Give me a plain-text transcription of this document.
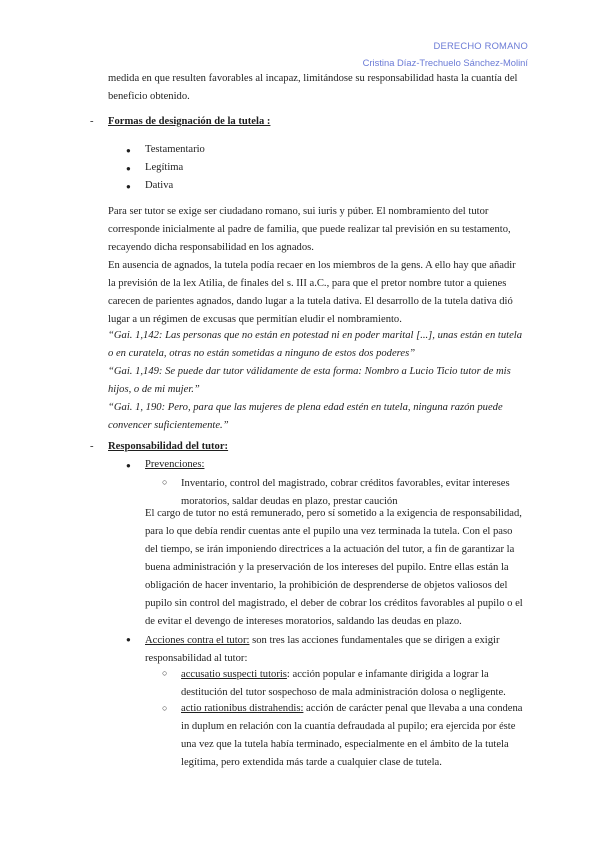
DERECHO ROMANO
Cristina Díaz-Trechuelo Sánchez-Moliní

medida en que resulten favorables al incapaz, limitándose su responsabilidad hasta la cuantía del beneficio obtenido.

- Formas de designación de la tutela :
● Testamentario
● Legítima
● Dativa

Para ser tutor se exige ser ciudadano romano, sui iuris y púber. El nombramiento del tutor corresponde inicialmente al padre de familia, que puede realizar tal previsión en su testamento, recayendo dicha responsabilidad en los agnados.

En ausencia de agnados, la tutela podía recaer en los miembros de la gens. A ello hay que añadir la previsión de la lex Atilia, de finales del s. III a.C., para que el pretor nombre tutor a quienes carecen de parientes agnados, dando lugar a la tutela dativa. El desarrollo de la tutela dativa dió lugar a un régimen de excusas que permitían eludir el nombramiento.

“Gai. 1,142: Las personas que no están en potestad ni en poder marital [...], unas están en tutela o en curatela, otras no están sometidas a ninguno de estos dos poderes”

“Gai. 1,149: Se puede dar tutor válidamente de esta forma: Nombro a Lucio Ticio tutor de mis hijos, o de mi mujer.”

“Gai. 1, 190: Pero, para que las mujeres de plena edad estén en tutela, ninguna razón puede convencer suficientemente.”

- Responsabilidad del tutor:
● Prevenciones:
○ Inventario, control del magistrado, cobrar créditos favorables, evitar intereses moratorios, saldar deudas en plazo, prestar caución

El cargo de tutor no está remunerado, pero sí sometido a la exigencia de responsabilidad, para lo que debía rendir cuentas ante el pupilo una vez terminada la tutela. Con el paso del tiempo, se irán imponiendo directrices a la actuación del tutor, a fin de garantizar la buena administración y la preservación de los intereses del pupilo. Entre ellas están la obligación de hacer inventario, la prohibición de desprenderse de objetos valiosos del pupilo sin control del magistrado, el deber de cobrar los créditos favorables al pupilo o el de evitar el devengo de intereses moratorios, saldando las deudas en plazo.

● Acciones contra el tutor: son tres las acciones fundamentales que se dirigen a exigir responsabilidad al tutor:

○ accusatio suspecti tutoris: acción popular e infamante dirigida a lograr la destitución del tutor sospechoso de mala administración dolosa o negligente.

○ actio rationibus distrahendis: acción de carácter penal que llevaba a una condena in duplum en relación con la cuantía defraudada al pupilo; era ejercida por éste una vez que la tutela había terminado, especialmente en el ámbito de la tutela legítima, pero extendida más tarde a cualquier clase de tutela.
